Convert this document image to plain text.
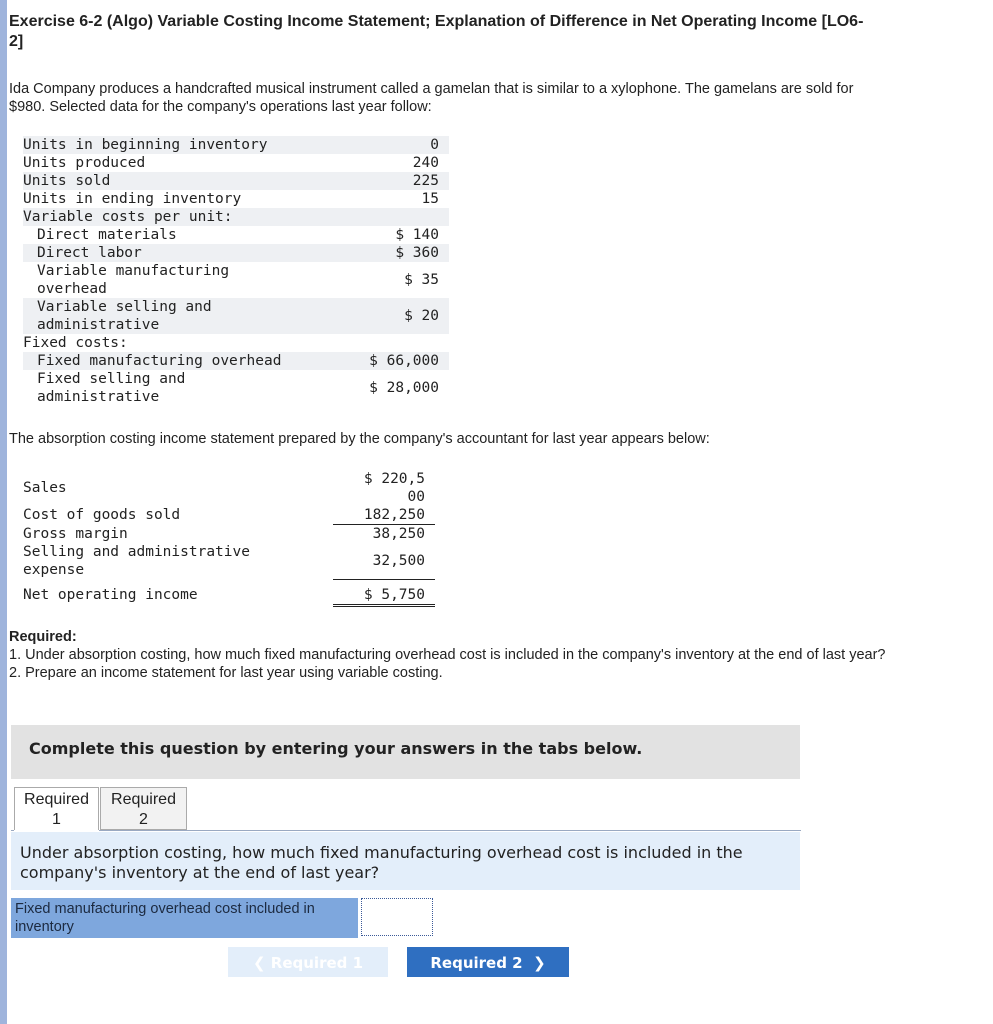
Exercise 6-2 (Algo) Variable Costing Income Statement; Explanation of Difference in Net Operating Income [LO6-2]

Ida Company produces a handcrafted musical instrument called a gamelan that is similar to a xylophone. The gamelans are sold for $980. Selected data for the company's operations last year follow:

Units in beginning inventory	0
Units produced	240
Units sold	225
Units in ending inventory	15
Variable costs per unit:	
Direct materials	$ 140
Direct labor	$ 360
Variable manufacturing overhead	$ 35
Variable selling and administrative	$ 20
Fixed costs:	
Fixed manufacturing overhead	$ 66,000
Fixed selling and administrative	$ 28,000

The absorption costing income statement prepared by the company's accountant for last year appears below:

Sales	$ 220,500

Cost of goods sold	182,250
Gross margin	38,250
Selling and administrative expense	32,500
Net operating income	$ 5,750
Required:
1. Under absorption costing, how much fixed manufacturing overhead cost is included in the company's inventory at the end of last year?
2. Prepare an income statement for last year using variable costing.
Complete this question by entering your answers in the tabs below.
Required
1
Required
2
Under absorption costing, how much fixed manufacturing overhead cost is included in the company's inventory at the end of last year?
Fixed manufacturing overhead cost included in inventory
❮ Required 1	Required 2  ❯
